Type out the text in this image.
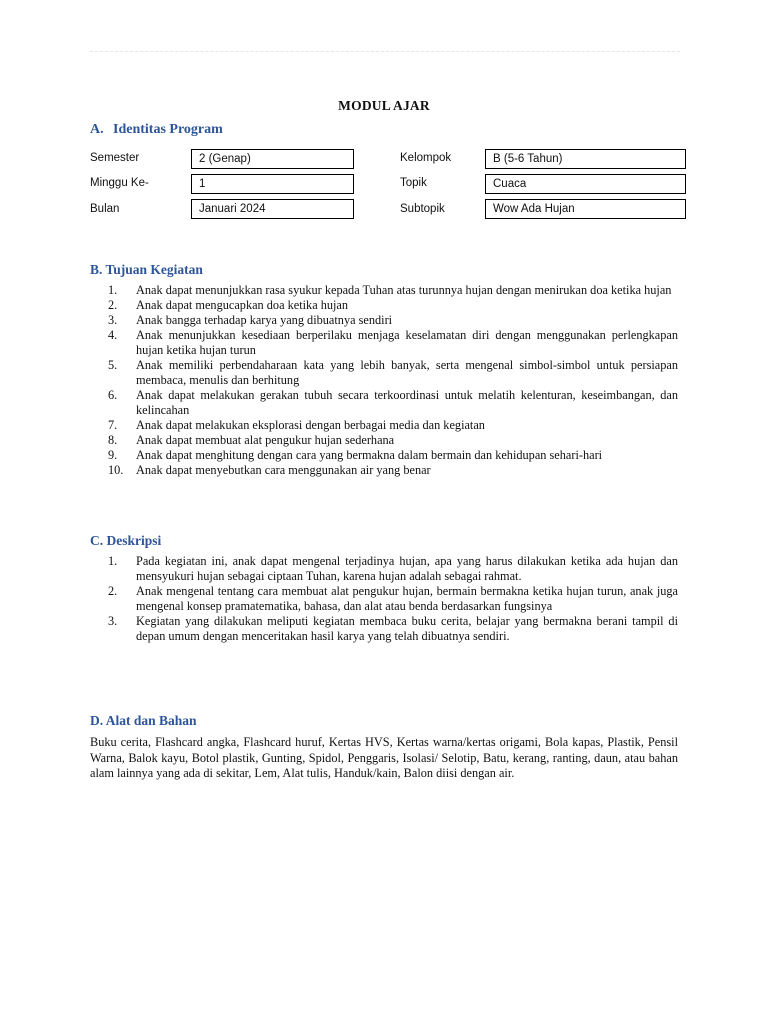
MODUL AJAR
A. Identitas Program
Semester	2 (Genap)	Kelompok	B (5-6 Tahun)
Minggu Ke-	1	Topik	Cuaca
Bulan	Januari 2024	Subtopik	Wow Ada Hujan
B. Tujuan Kegiatan
1.	Anak dapat menunjukkan rasa syukur kepada Tuhan atas turunnya hujan dengan menirukan doa ketika hujan
2.	Anak dapat mengucapkan doa ketika hujan
3.	Anak bangga terhadap karya yang dibuatnya sendiri
4.	Anak menunjukkan kesediaan berperilaku menjaga keselamatan diri dengan menggunakan perlengkapan hujan ketika hujan turun
5.	Anak memiliki perbendaharaan kata yang lebih banyak, serta mengenal simbol-simbol untuk persiapan membaca, menulis dan berhitung
6.	Anak dapat melakukan gerakan tubuh secara terkoordinasi untuk melatih kelenturan, keseimbangan, dan kelincahan
7.	Anak dapat melakukan eksplorasi dengan berbagai media dan kegiatan
8.	Anak dapat membuat alat pengukur hujan sederhana
9.	Anak dapat menghitung dengan cara yang bermakna dalam bermain dan kehidupan sehari-hari
10.	Anak dapat menyebutkan cara menggunakan air yang benar
C. Deskripsi
1.	Pada kegiatan ini, anak dapat mengenal terjadinya hujan, apa yang harus dilakukan ketika ada hujan dan mensyukuri hujan sebagai ciptaan Tuhan, karena hujan adalah sebagai rahmat.
2.	Anak mengenal tentang cara membuat alat pengukur hujan, bermain bermakna ketika hujan turun, anak juga mengenal konsep pramatematika, bahasa, dan alat atau benda berdasarkan fungsinya
3.	Kegiatan yang dilakukan meliputi kegiatan membaca buku cerita, belajar yang bermakna berani tampil di depan umum dengan menceritakan hasil karya yang telah dibuatnya sendiri.
D. Alat dan Bahan

Buku cerita, Flashcard angka, Flashcard huruf, Kertas HVS, Kertas warna/kertas origami, Bola kapas, Plastik, Pensil Warna, Balok kayu, Botol plastik, Gunting, Spidol, Penggaris, Isolasi/ Selotip, Batu, kerang, ranting, daun, atau bahan alam lainnya yang ada di sekitar, Lem, Alat tulis, Handuk/kain, Balon diisi dengan air.
